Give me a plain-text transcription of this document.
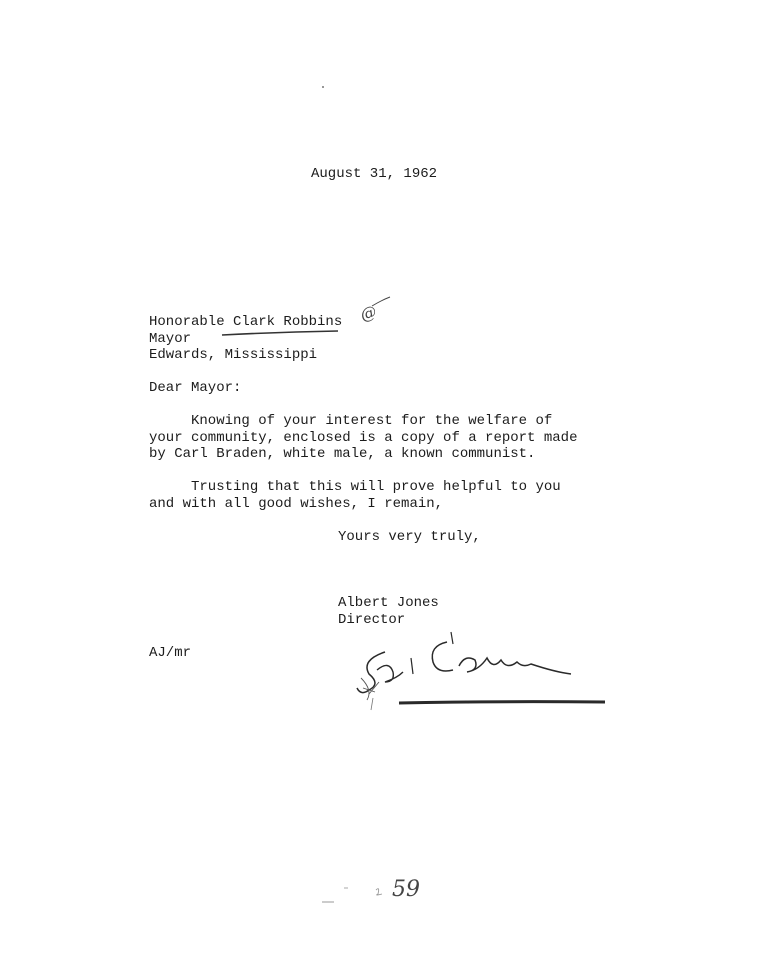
August 31, 1962
Honorable Clark Robbins
Mayor
Edwards, Mississippi
@
Dear Mayor:
Knowing of your interest for the welfare of
your community, enclosed is a copy of a report made
by Carl Braden, white male, a known communist.
Trusting that this will prove helpful to you
and with all good wishes, I remain,
Yours very truly,
Albert Jones
Director
AJ/mr
59
